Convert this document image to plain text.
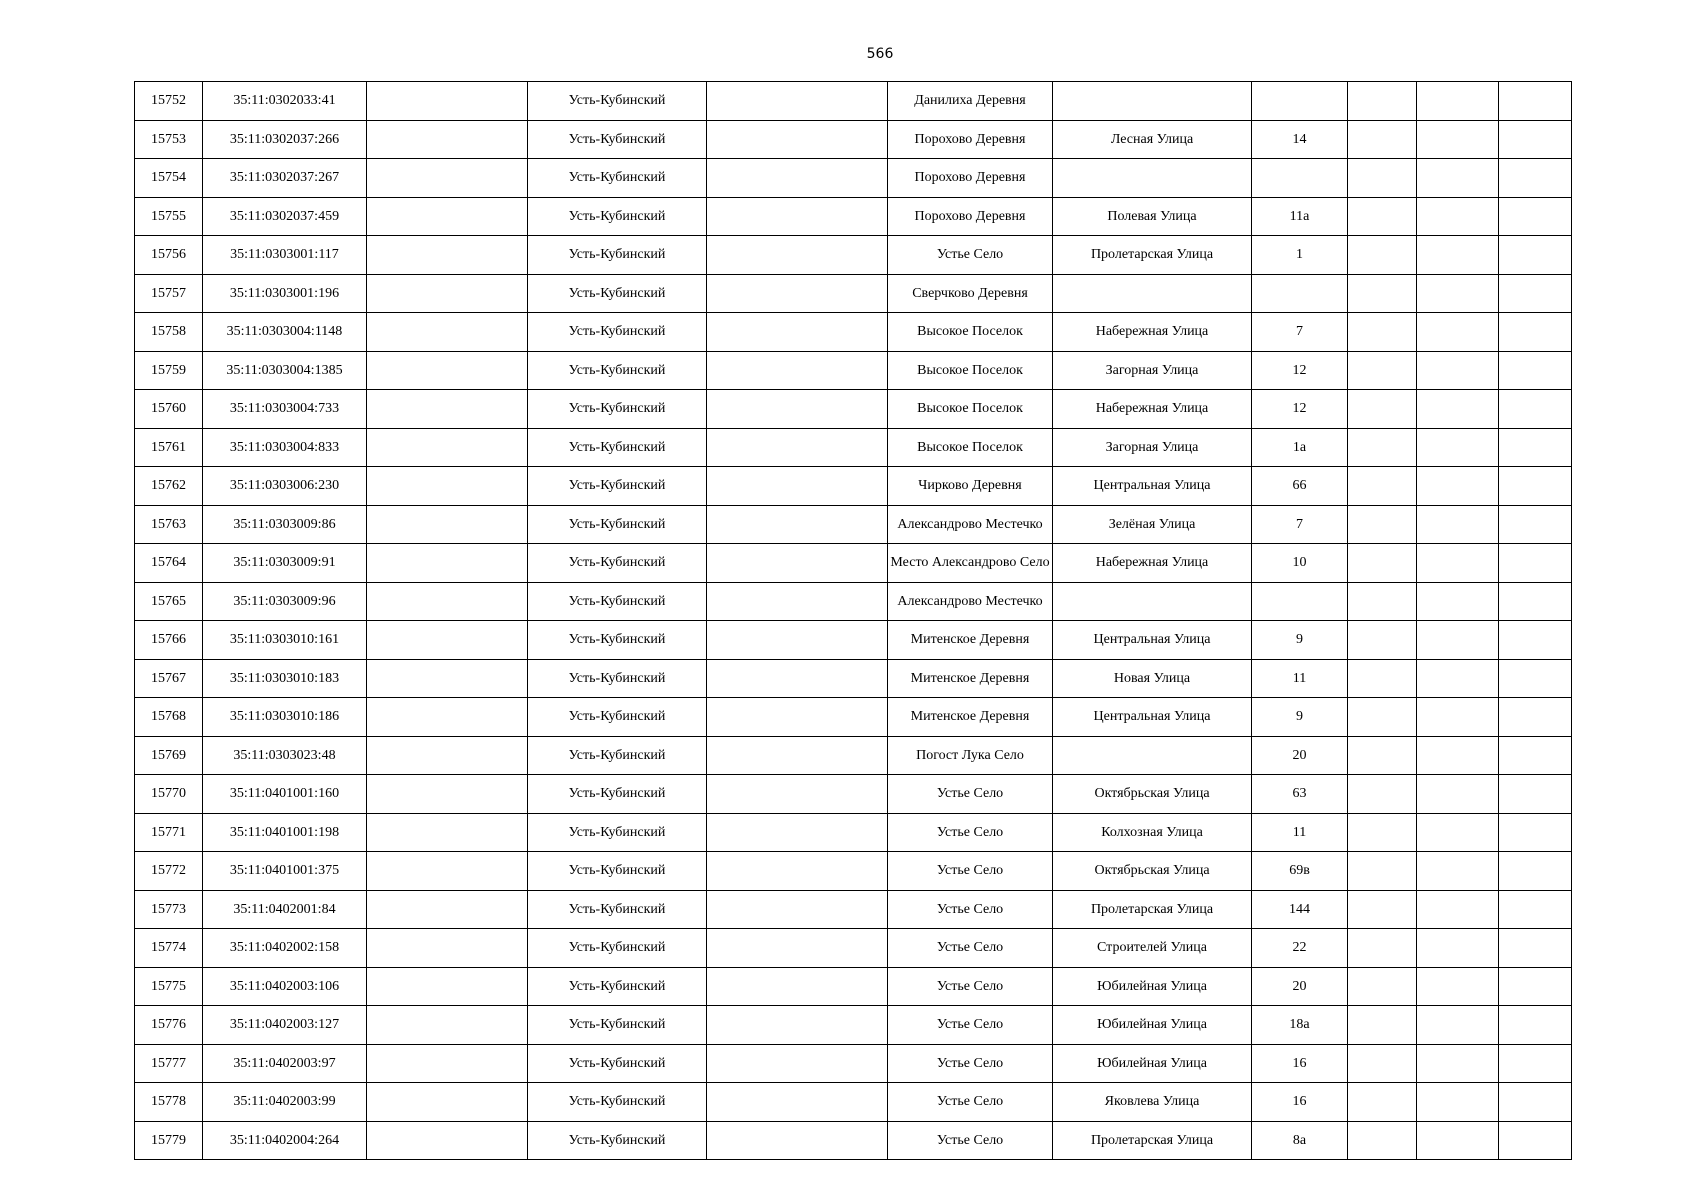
566
15752	35:11:0302033:41		Усть-Кубинский		Данилиха Деревня					
15753	35:11:0302037:266		Усть-Кубинский		Порохово Деревня	Лесная Улица	14			
15754	35:11:0302037:267		Усть-Кубинский		Порохово Деревня					
15755	35:11:0302037:459		Усть-Кубинский		Порохово Деревня	Полевая Улица	11а			
15756	35:11:0303001:117		Усть-Кубинский		Устье Село	Пролетарская Улица	1			
15757	35:11:0303001:196		Усть-Кубинский		Сверчково Деревня					
15758	35:11:0303004:1148		Усть-Кубинский		Высокое Поселок	Набережная Улица	7			
15759	35:11:0303004:1385		Усть-Кубинский		Высокое Поселок	Загорная Улица	12			
15760	35:11:0303004:733		Усть-Кубинский		Высокое Поселок	Набережная Улица	12			
15761	35:11:0303004:833		Усть-Кубинский		Высокое Поселок	Загорная Улица	1а			
15762	35:11:0303006:230		Усть-Кубинский		Чирково Деревня	Центральная Улица	66			
15763	35:11:0303009:86		Усть-Кубинский		Александрово Местечко	Зелёная Улица	7			
15764	35:11:0303009:91		Усть-Кубинский		Место Александрово Село	Набережная Улица	10			
15765	35:11:0303009:96		Усть-Кубинский		Александрово Местечко					
15766	35:11:0303010:161		Усть-Кубинский		Митенское Деревня	Центральная Улица	9			
15767	35:11:0303010:183		Усть-Кубинский		Митенское Деревня	Новая Улица	11			
15768	35:11:0303010:186		Усть-Кубинский		Митенское Деревня	Центральная Улица	9			
15769	35:11:0303023:48		Усть-Кубинский		Погост Лука Село		20			
15770	35:11:0401001:160		Усть-Кубинский		Устье Село	Октябрьская Улица	63			
15771	35:11:0401001:198		Усть-Кубинский		Устье Село	Колхозная Улица	11			
15772	35:11:0401001:375		Усть-Кубинский		Устье Село	Октябрьская Улица	69в			
15773	35:11:0402001:84		Усть-Кубинский		Устье Село	Пролетарская Улица	144			
15774	35:11:0402002:158		Усть-Кубинский		Устье Село	Строителей Улица	22			
15775	35:11:0402003:106		Усть-Кубинский		Устье Село	Юбилейная Улица	20			
15776	35:11:0402003:127		Усть-Кубинский		Устье Село	Юбилейная Улица	18а			
15777	35:11:0402003:97		Усть-Кубинский		Устье Село	Юбилейная Улица	16			
15778	35:11:0402003:99		Усть-Кубинский		Устье Село	Яковлева Улица	16			
15779	35:11:0402004:264		Усть-Кубинский		Устье Село	Пролетарская Улица	8а			
